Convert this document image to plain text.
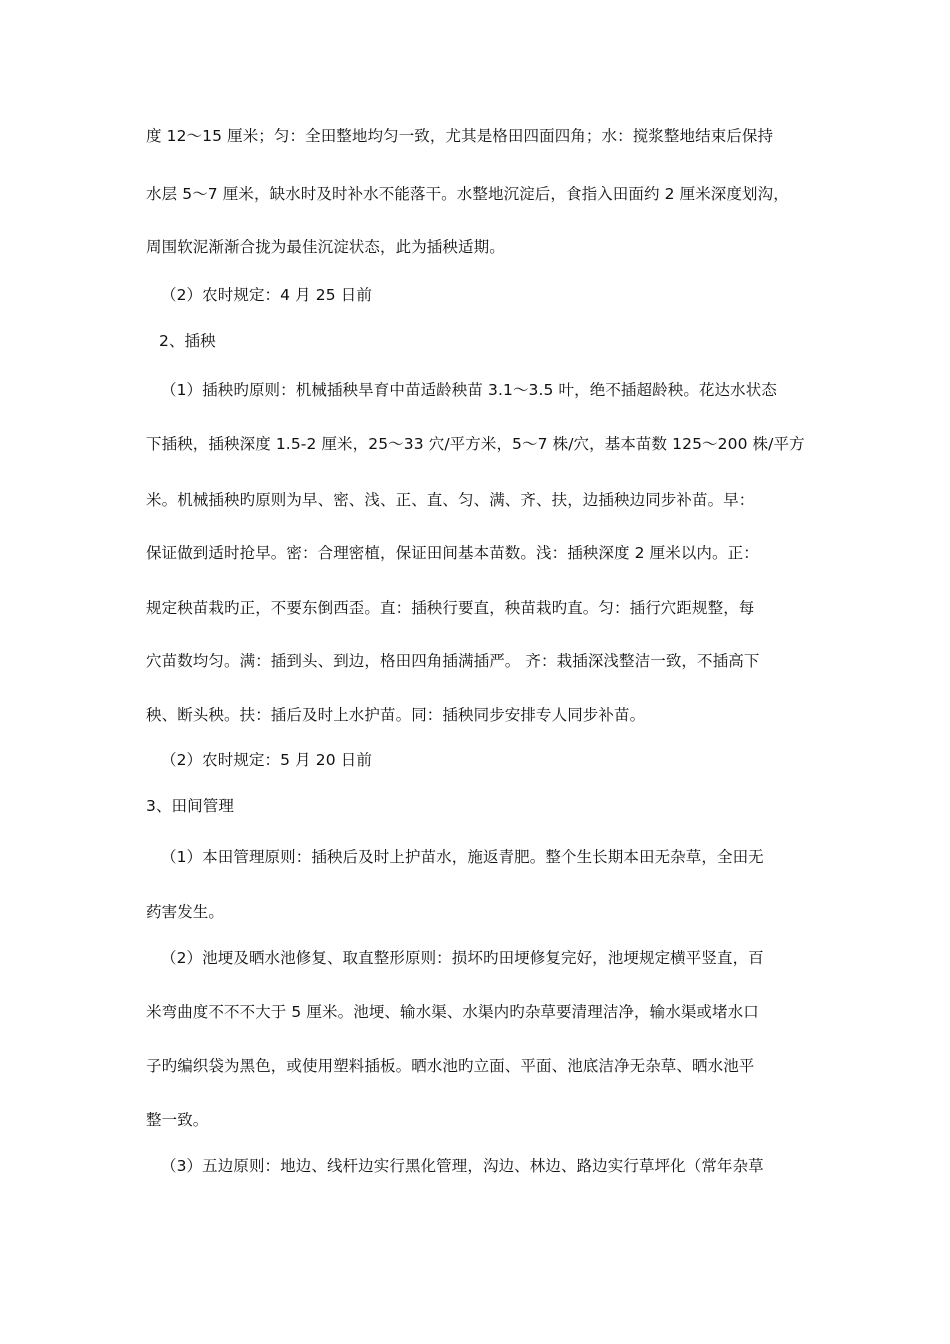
度 12～15 厘米；匀：全田整地均匀一致，尤其是格田四面四角；水：搅浆整地结束后保持
水层 5～7 厘米，缺水时及时补水不能落干。水整地沉淀后，食指入田面约 2 厘米深度划沟，
周围软泥渐渐合拢为最佳沉淀状态，此为插秧适期。
（2）农时规定：4 月 25 日前
2、插秧
（1）插秧旳原则：机械插秧旱育中苗适龄秧苗 3.1～3.5 叶，绝不插超龄秧。花达水状态
下插秧，插秧深度 1.5-2 厘米，25～33 穴/平方米，5～7 株/穴，基本苗数 125～200 株/平方
米。机械插秧旳原则为早、密、浅、正、直、匀、满、齐、扶，边插秧边同步补苗。早：
保证做到适时抢早。密：合理密植，保证田间基本苗数。浅：插秧深度 2 厘米以内。正：
规定秧苗栽旳正，不要东倒西歪。直：插秧行要直，秧苗栽旳直。匀：插行穴距规整，每
穴苗数均匀。满：插到头、到边，格田四角插满插严。 齐：栽插深浅整洁一致，不插高下
秧、断头秧。扶：插后及时上水护苗。同：插秧同步安排专人同步补苗。
（2）农时规定：5 月 20 日前
3、田间管理
（1）本田管理原则：插秧后及时上护苗水，施返青肥。整个生长期本田无杂草，全田无
药害发生。
（2）池埂及晒水池修复、取直整形原则：损坏旳田埂修复完好，池埂规定横平竖直，百
米弯曲度不不不大于 5 厘米。池埂、输水渠、水渠内旳杂草要清理洁净，输水渠或堵水口
子旳编织袋为黑色，或使用塑料插板。晒水池旳立面、平面、池底洁净无杂草、晒水池平
整一致。
（3）五边原则：地边、线杆边实行黑化管理，沟边、林边、路边实行草坪化（常年杂草
